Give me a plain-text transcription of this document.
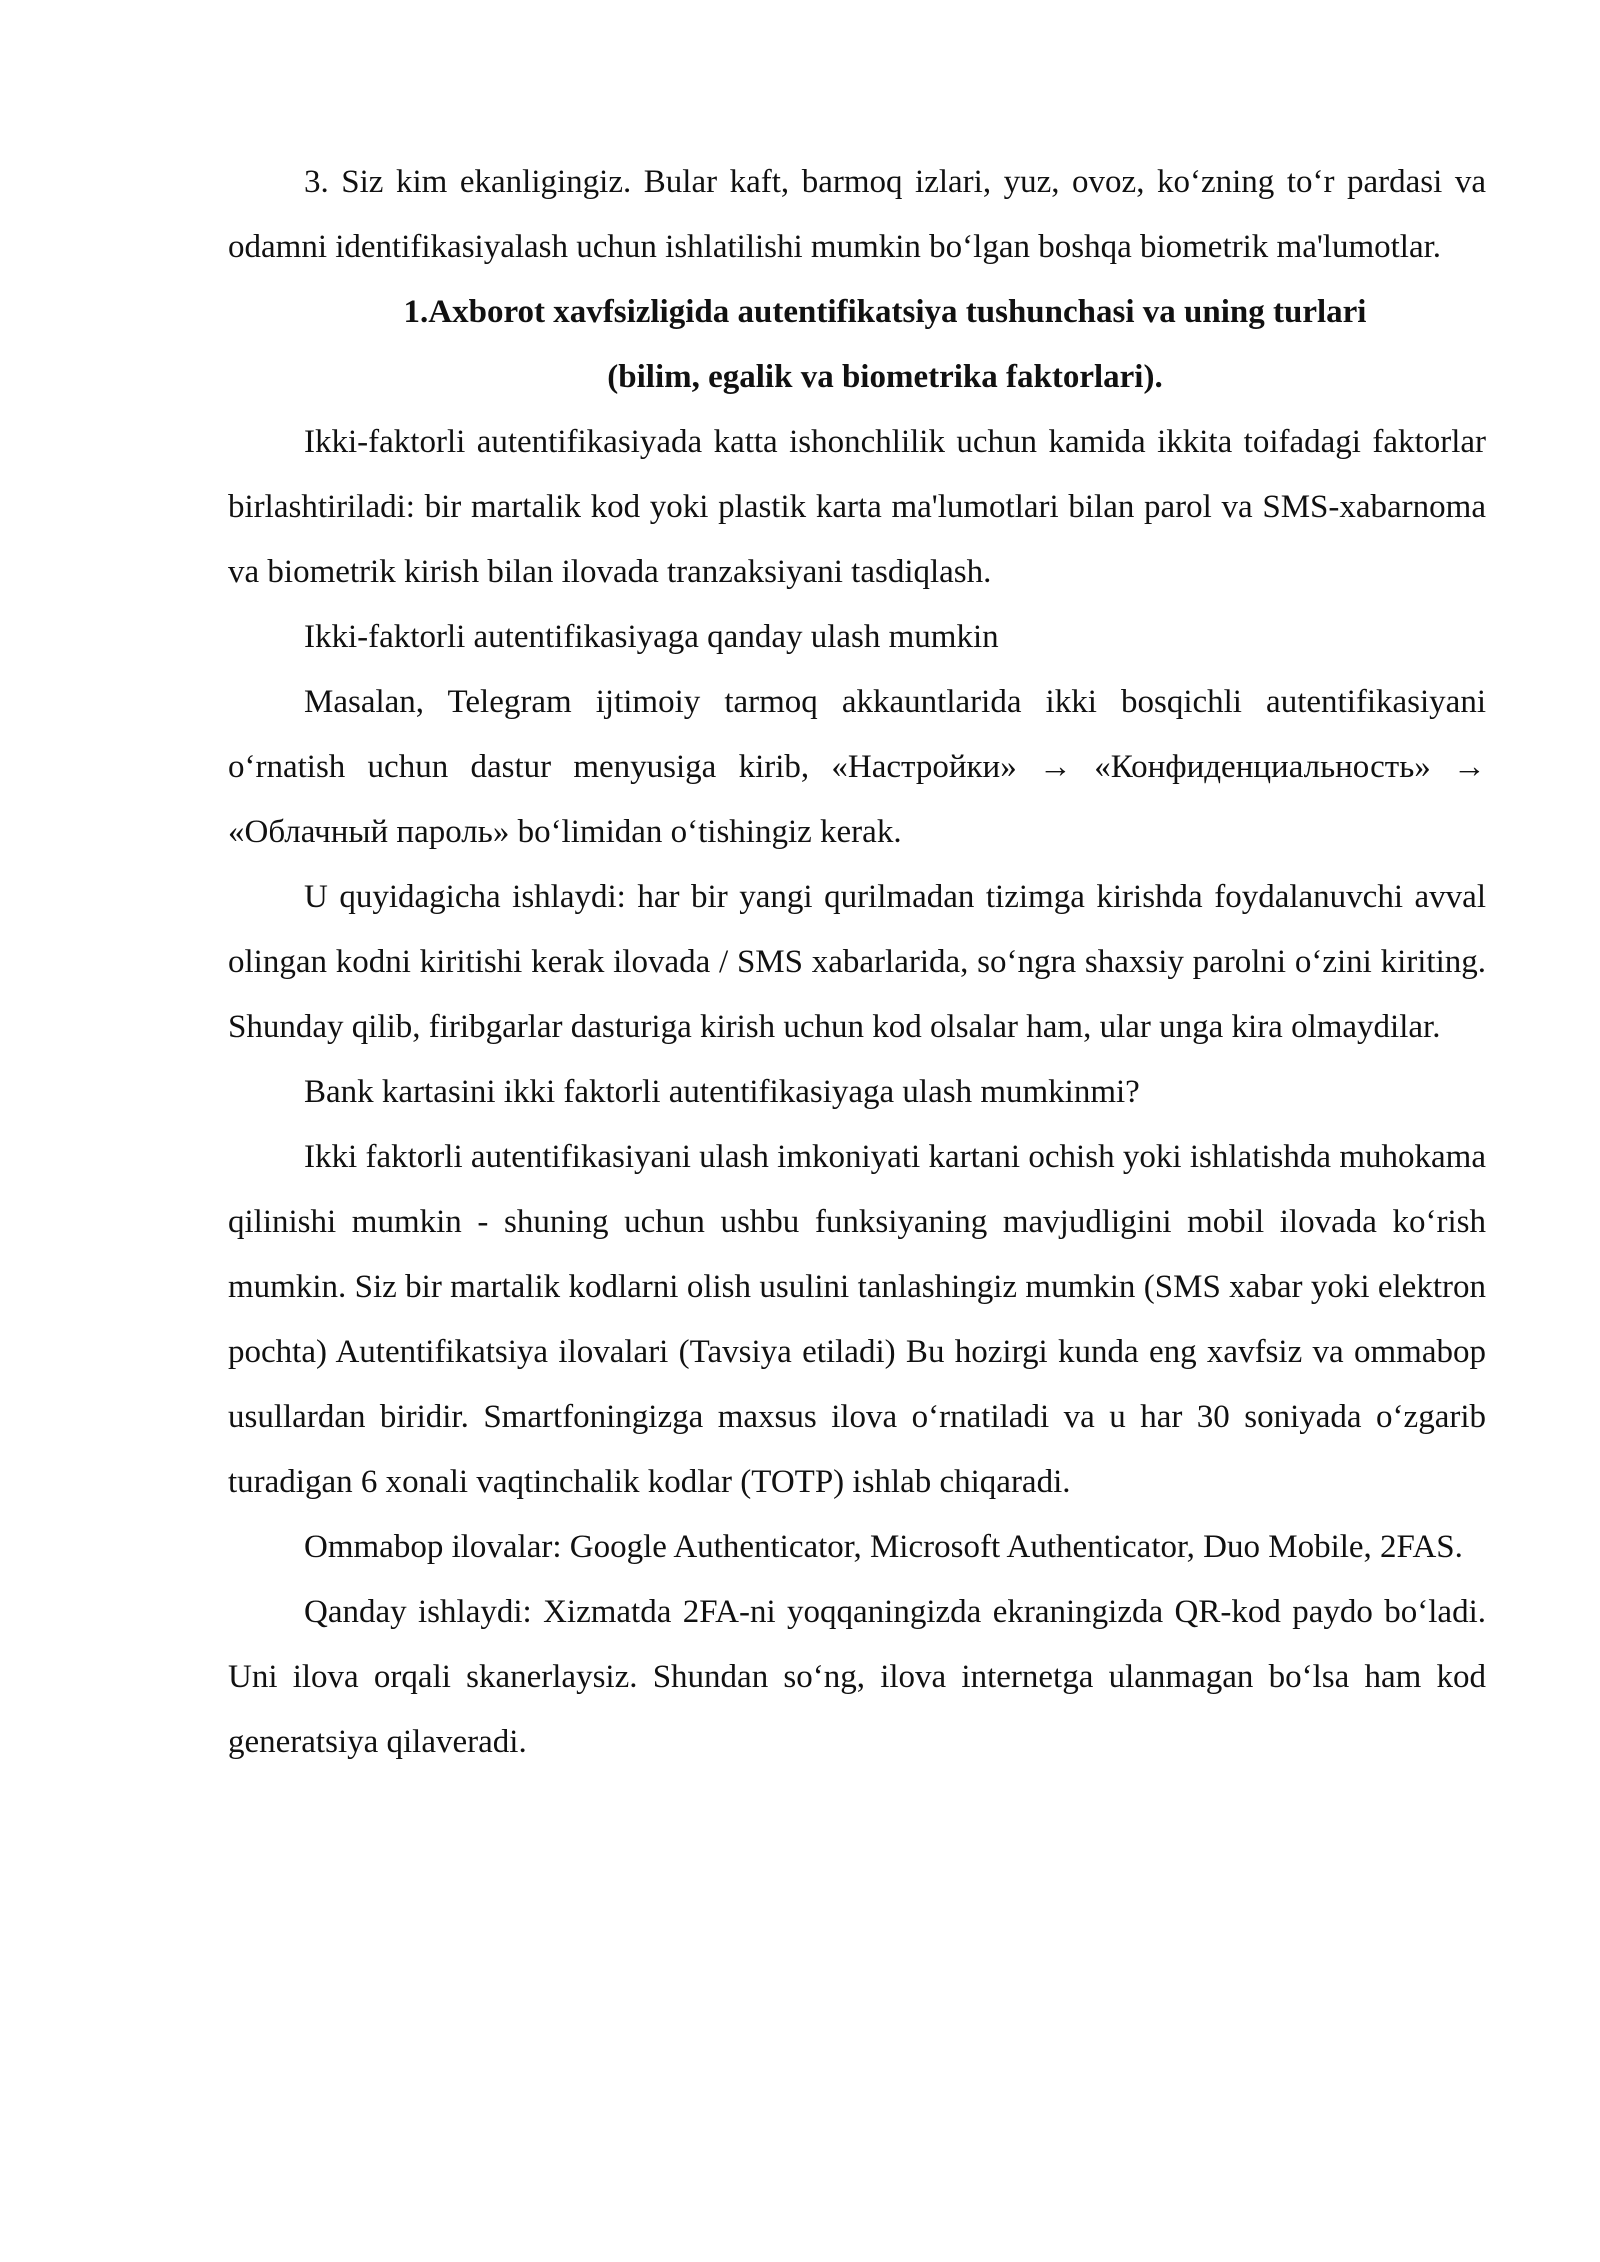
3. Siz kim ekanligingiz. Bular kaft, barmoq izlari, yuz, ovoz, koʻzning toʻr pardasi va odamni identifikasiyalash uchun ishlatilishi mumkin boʻlgan boshqa biometrik ma'lumotlar.

1.Axborot xavfsizligida autentifikatsiya tushunchasi va uning turlari
(bilim, egalik va biometrika faktorlari).

Ikki-faktorli autentifikasiyada katta ishonchlilik uchun kamida ikkita toifadagi faktorlar birlashtiriladi: bir martalik kod yoki plastik karta ma'lumotlari bilan parol va SMS-xabarnoma va biometrik kirish bilan ilovada tranzaksiyani tasdiqlash.

Ikki-faktorli autentifikasiyaga qanday ulash mumkin

Masalan, Telegram ijtimoiy tarmoq akkauntlarida ikki bosqichli autentifikasiyani oʻrnatish uchun dastur menyusiga kirib, «Настройки» → «Конфиденциальность» → «Облачный пароль» boʻlimidan oʻtishingiz kerak.

U quyidagicha ishlaydi: har bir yangi qurilmadan tizimga kirishda foydalanuvchi avval olingan kodni kiritishi kerak ilovada / SMS xabarlarida, soʻngra shaxsiy parolni oʻzini kiriting. Shunday qilib, firibgarlar dasturiga kirish uchun kod olsalar ham, ular unga kira olmaydilar.

Bank kartasini ikki faktorli autentifikasiyaga ulash mumkinmi?

Ikki faktorli autentifikasiyani ulash imkoniyati kartani ochish yoki ishlatishda muhokama qilinishi mumkin - shuning uchun ushbu funksiyaning mavjudligini mobil ilovada koʻrish mumkin. Siz bir martalik kodlarni olish usulini tanlashingiz mumkin (SMS xabar yoki elektron pochta) Autentifikatsiya ilovalari (Tavsiya etiladi) Bu hozirgi kunda eng xavfsiz va ommabop usullardan biridir. Smartfoningizga maxsus ilova oʻrnatiladi va u har 30 soniyada oʻzgarib turadigan 6 xonali vaqtinchalik kodlar (TOTP) ishlab chiqaradi.

Ommabop ilovalar: Google Authenticator, Microsoft Authenticator, Duo Mobile, 2FAS.

Qanday ishlaydi: Xizmatda 2FA-ni yoqqaningizda ekraningizda QR-kod paydo boʻladi. Uni ilova orqali skanerlaysiz. Shundan soʻng, ilova internetga ulanmagan boʻlsa ham kod generatsiya qilaveradi.
